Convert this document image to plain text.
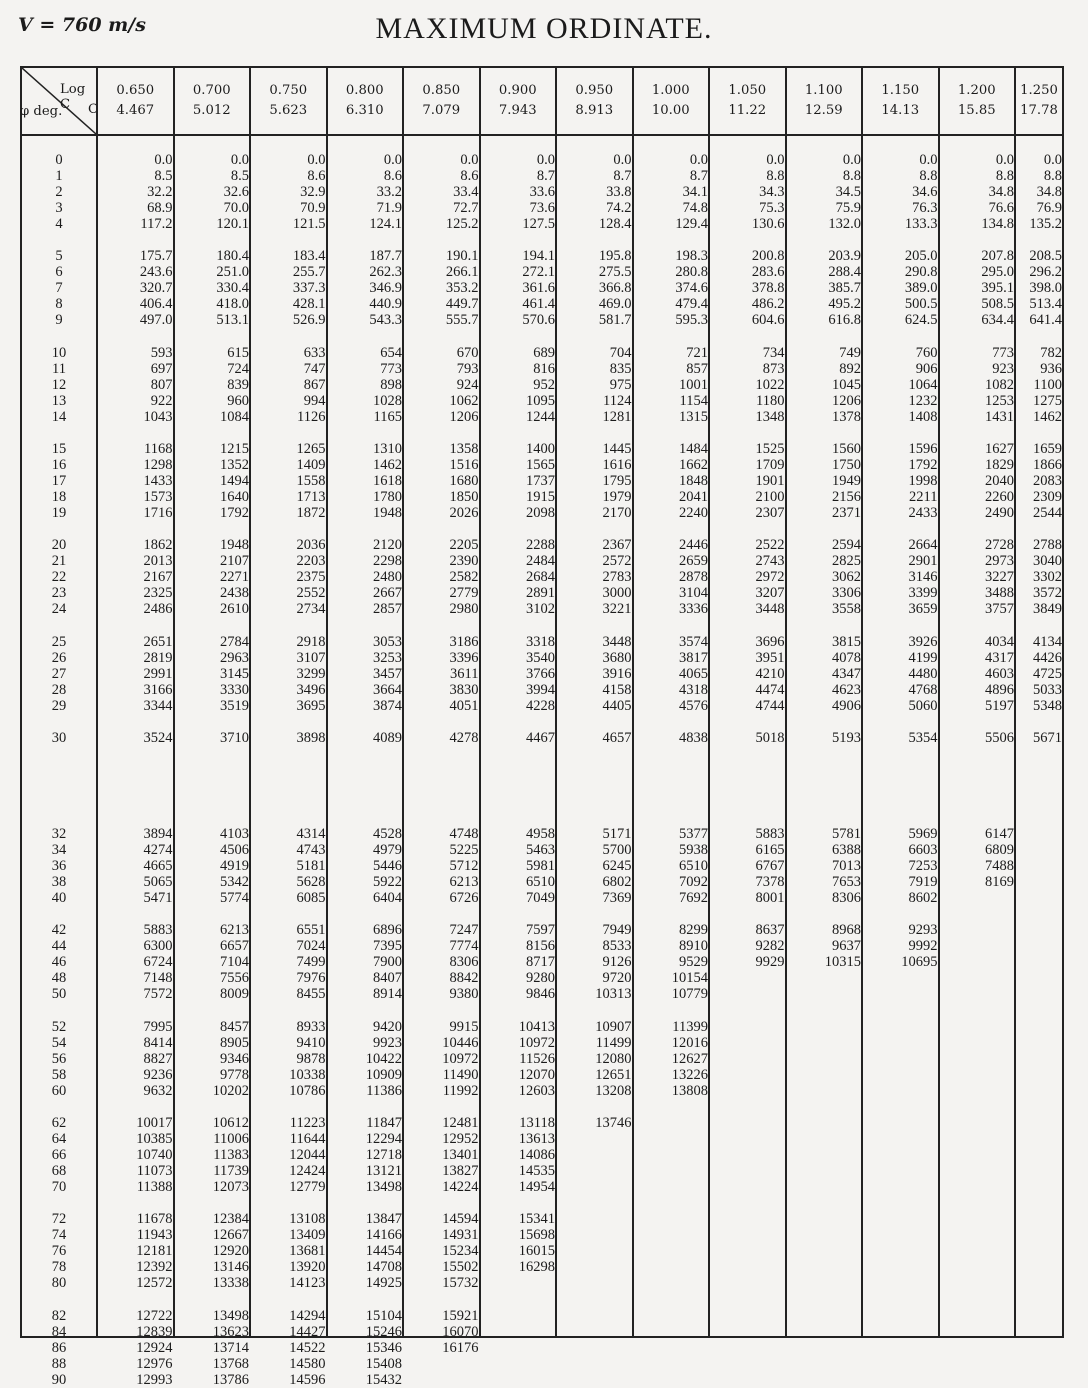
V = 760 m/s	MAXIMUM ORDINATE.
Log C	C
φ deg.
0
1
2
3
4
5
6
7
8
9
10
11
12
13
14
15
16
17
18
19
20
21
22
23
24
25
26
27
28
29
30
32
34
36
38
40
42
44
46
48
50
52
54
56
58
60
62
64
66
68
70
72
74
76
78
80
82
84
86
88
90
0.650
4.467
0.0
8.5
32.2
68.9
117.2
175.7
243.6
320.7
406.4
497.0
593
697
807
922
1043
1168
1298
1433
1573
1716
1862
2013
2167
2325
2486
2651
2819
2991
3166
3344
3524
3894
4274
4665
5065
5471
5883
6300
6724
7148
7572
7995
8414
8827
9236
9632
10017
10385
10740
11073
11388
11678
11943
12181
12392
12572
12722
12839
12924
12976
12993
0.700
5.012
0.0
8.5
32.6
70.0
120.1
180.4
251.0
330.4
418.0
513.1
615
724
839
960
1084
1215
1352
1494
1640
1792
1948
2107
2271
2438
2610
2784
2963
3145
3330
3519
3710
4103
4506
4919
5342
5774
6213
6657
7104
7556
8009
8457
8905
9346
9778
10202
10612
11006
11383
11739
12073
12384
12667
12920
13146
13338
13498
13623
13714
13768
13786
0.750
5.623
0.0
8.6
32.9
70.9
121.5
183.4
255.7
337.3
428.1
526.9
633
747
867
994
1126
1265
1409
1558
1713
1872
2036
2203
2375
2552
2734
2918
3107
3299
3496
3695
3898
4314
4743
5181
5628
6085
6551
7024
7499
7976
8455
8933
9410
9878
10338
10786
11223
11644
12044
12424
12779
13108
13409
13681
13920
14123
14294
14427
14522
14580
14596
0.800
6.310
0.0
8.6
33.2
71.9
124.1
187.7
262.3
346.9
440.9
543.3
654
773
898
1028
1165
1310
1462
1618
1780
1948
2120
2298
2480
2667
2857
3053
3253
3457
3664
3874
4089
4528
4979
5446
5922
6404
6896
7395
7900
8407
8914
9420
9923
10422
10909
11386
11847
12294
12718
13121
13498
13847
14166
14454
14708
14925
15104
15246
15346
15408
15432
0.850
7.079
0.0
8.6
33.4
72.7
125.2
190.1
266.1
353.2
449.7
555.7
670
793
924
1062
1206
1358
1516
1680
1850
2026
2205
2390
2582
2779
2980
3186
3396
3611
3830
4051
4278
4748
5225
5712
6213
6726
7247
7774
8306
8842
9380
9915
10446
10972
11490
11992
12481
12952
13401
13827
14224
14594
14931
15234
15502
15732
15921
16070
16176
0.900
7.943
0.0
8.7
33.6
73.6
127.5
194.1
272.1
361.6
461.4
570.6
689
816
952
1095
1244
1400
1565
1737
1915
2098
2288
2484
2684
2891
3102
3318
3540
3766
3994
4228
4467
4958
5463
5981
6510
7049
7597
8156
8717
9280
9846
10413
10972
11526
12070
12603
13118
13613
14086
14535
14954
15341
15698
16015
16298
0.950
8.913
0.0
8.7
33.8
74.2
128.4
195.8
275.5
366.8
469.0
581.7
704
835
975
1124
1281
1445
1616
1795
1979
2170
2367
2572
2783
3000
3221
3448
3680
3916
4158
4405
4657
5171
5700
6245
6802
7369
7949
8533
9126
9720
10313
10907
11499
12080
12651
13208
13746
1.000
10.00
0.0
8.7
34.1
74.8
129.4
198.3
280.8
374.6
479.4
595.3
721
857
1001
1154
1315
1484
1662
1848
2041
2240
2446
2659
2878
3104
3336
3574
3817
4065
4318
4576
4838
5377
5938
6510
7092
7692
8299
8910
9529
10154
10779
11399
12016
12627
13226
13808
1.050
11.22
0.0
8.8
34.3
75.3
130.6
200.8
283.6
378.8
486.2
604.6
734
873
1022
1180
1348
1525
1709
1901
2100
2307
2522
2743
2972
3207
3448
3696
3951
4210
4474
4744
5018
5883
6165
6767
7378
8001
8637
9282
9929
1.100
12.59
0.0
8.8
34.5
75.9
132.0
203.9
288.4
385.7
495.2
616.8
749
892
1045
1206
1378
1560
1750
1949
2156
2371
2594
2825
3062
3306
3558
3815
4078
4347
4623
4906
5193
5781
6388
7013
7653
8306
8968
9637
10315
1.150
14.13
0.0
8.8
34.6
76.3
133.3
205.0
290.8
389.0
500.5
624.5
760
906
1064
1232
1408
1596
1792
1998
2211
2433
2664
2901
3146
3399
3659
3926
4199
4480
4768
5060
5354
5969
6603
7253
7919
8602
9293
9992
10695
1.200
15.85
0.0
8.8
34.8
76.6
134.8
207.8
295.0
395.1
508.5
634.4
773
923
1082
1253
1431
1627
1829
2040
2260
2490
2728
2973
3227
3488
3757
4034
4317
4603
4896
5197
5506
6147
6809
7488
8169
1.250
17.78
0.0
8.8
34.8
76.9
135.2
208.5
296.2
398.0
513.4
641.4
782
936
1100
1275
1462
1659
1866
2083
2309
2544
2788
3040
3302
3572
3849
4134
4426
4725
5033
5348
5671
